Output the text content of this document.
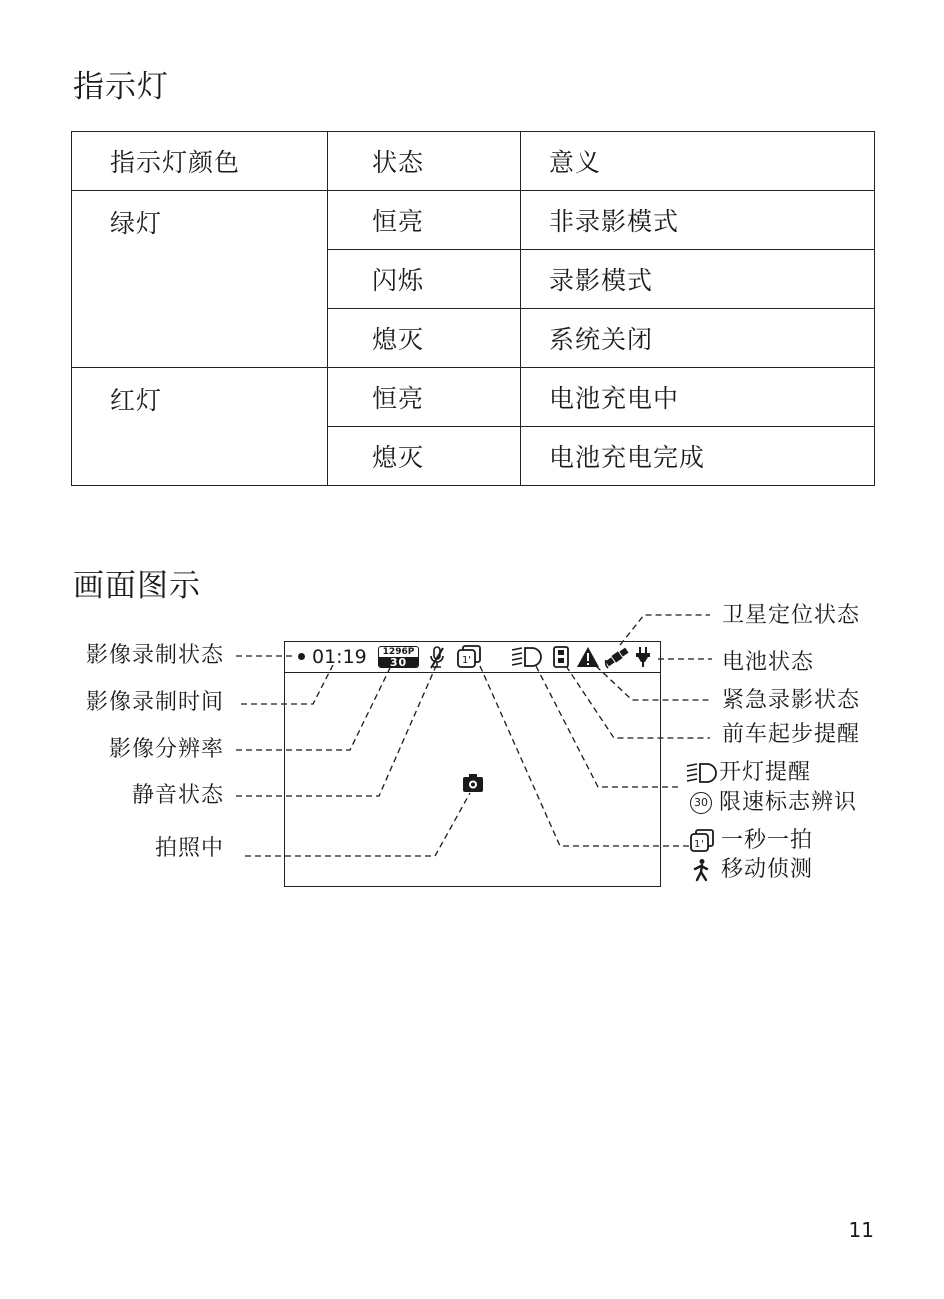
指示灯
指示灯颜色	状态	意义
绿灯	恒亮	非录影模式
	闪烁	录影模式
	熄灭	系统关闭
红灯	恒亮	电池充电中
	熄灭	电池充电完成
画面图示
影像录制状态
影像录制时间
影像分辨率
静音状态
拍照中
卫星定位状态
电池状态
紧急录影状态
前车起步提醒
开灯提醒
30 限速标志辨识
1' 一秒一拍
移动侦测
01:19	1296P
30	1'
11
